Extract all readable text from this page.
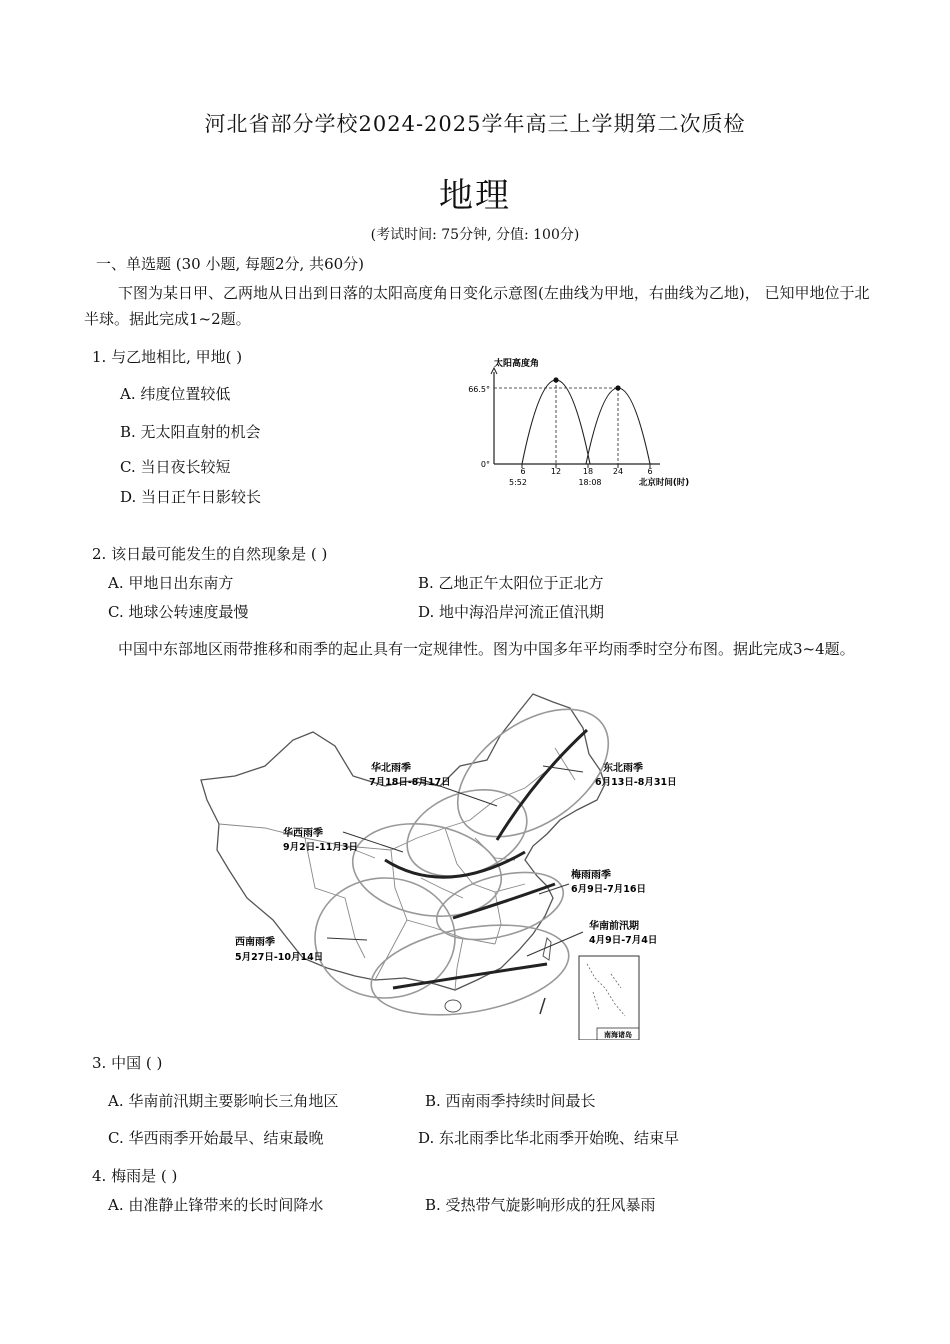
河北省部分学校2024-2025学年高三上学期第二次质检
地理
(考试时间: 75分钟, 分值: 100分)
一、单选题 (30 小题, 每题2分, 共60分)
下图为某日甲、乙两地从日出到日落的太阳高度角日变化示意图(左曲线为甲地，右曲线为乙地)， 已知甲地位于北半球。据此完成1~2题。
1. 与乙地相比, 甲地( )
A. 纬度位置较低
B. 无太阳直射的机会
C. 当日夜长较短
D. 当日正午日影较长
太阳高度角
66.5°
0°
6	12	18 24	6
5:52	18:08	北京时间(时)
2. 该日最可能发生的自然现象是 ( )
A. 甲地日出东南方	B. 乙地正午太阳位于正北方
C. 地球公转速度最慢	D. 地中海沿岸河流正值汛期
中国中东部地区雨带推移和雨季的起止具有一定规律性。图为中国多年平均雨季时空分布图。据此完成3~4题。
华北雨季
7月18日-8月17日
东北雨季
6月13日-8月31日
华西雨季
9月2日-11月3日
梅雨雨季
6月9日-7月16日
华南前汛期
4月9日-7月4日
西南雨季
5月27日-10月14日
南海诸岛
3. 中国 ( )
A. 华南前汛期主要影响长三角地区	B. 西南雨季持续时间最长
C. 华西雨季开始最早、结束最晚	D. 东北雨季比华北雨季开始晚、结束早
4. 梅雨是 ( )
A. 由准静止锋带来的长时间降水	B. 受热带气旋影响形成的狂风暴雨
